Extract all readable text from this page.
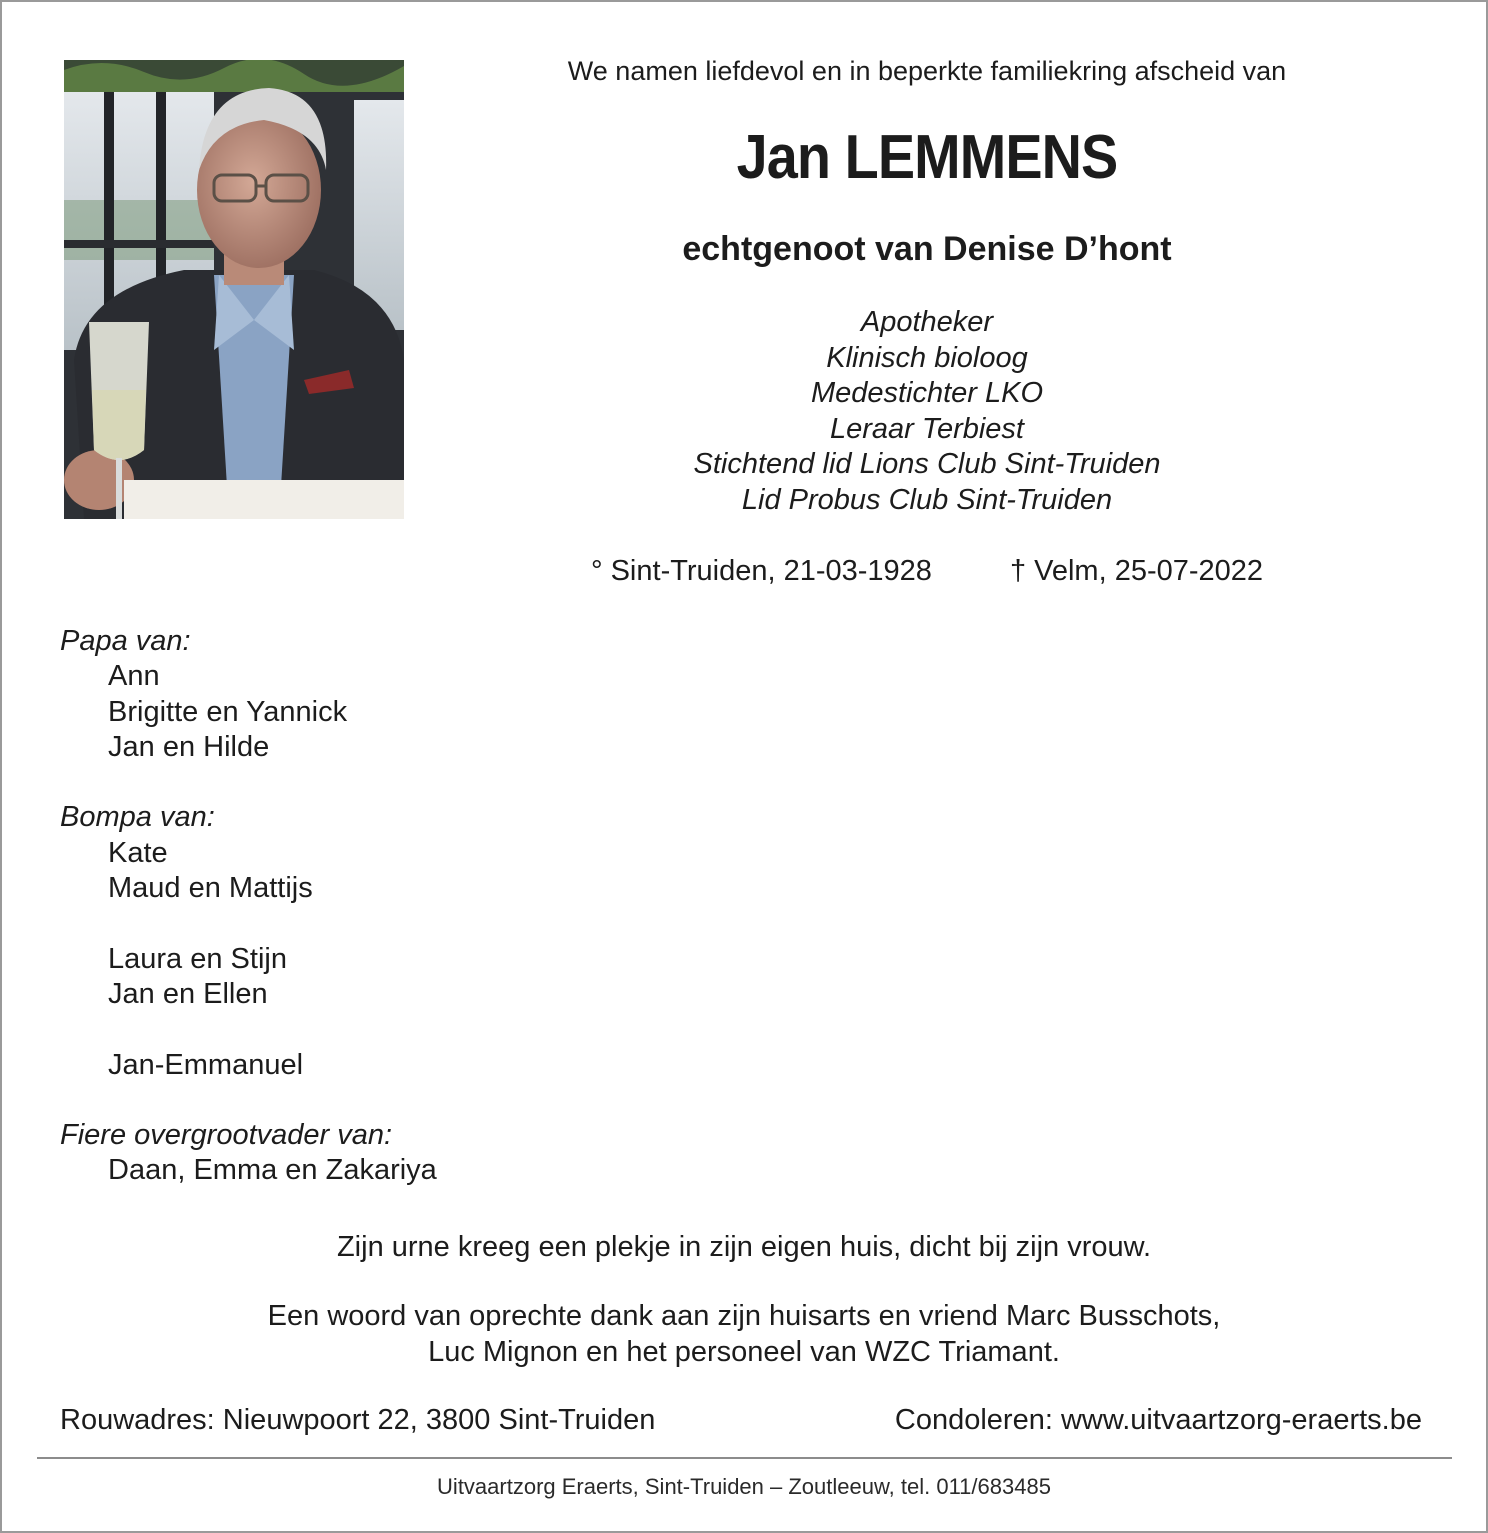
We namen liefdevol en in beperkte familiekring afscheid van
Jan LEMMENS
echtgenoot van Denise D’hont
Apotheker
Klinisch bioloog
Medestichter LKO
Leraar Terbiest
Stichtend lid Lions Club Sint-Truiden
Lid Probus Club Sint-Truiden
° Sint-Truiden, 21-03-1928	† Velm, 25-07-2022
Papa van:
Ann
Brigitte en Yannick
Jan en Hilde
Bompa van:
Kate
Maud en Mattijs
Laura en Stijn
Jan en Ellen
Jan-Emmanuel
Fiere overgrootvader van:
Daan, Emma en Zakariya
Zijn urne kreeg een plekje in zijn eigen huis, dicht bij zijn vrouw.
Een woord van oprechte dank aan zijn huisarts en vriend Marc Busschots,
Luc Mignon en het personeel van WZC Triamant.
Rouwadres: Nieuwpoort 22, 3800 Sint-Truiden	Condoleren: www.uitvaartzorg-eraerts.be
Uitvaartzorg Eraerts, Sint-Truiden – Zoutleeuw, tel. 011/683485
